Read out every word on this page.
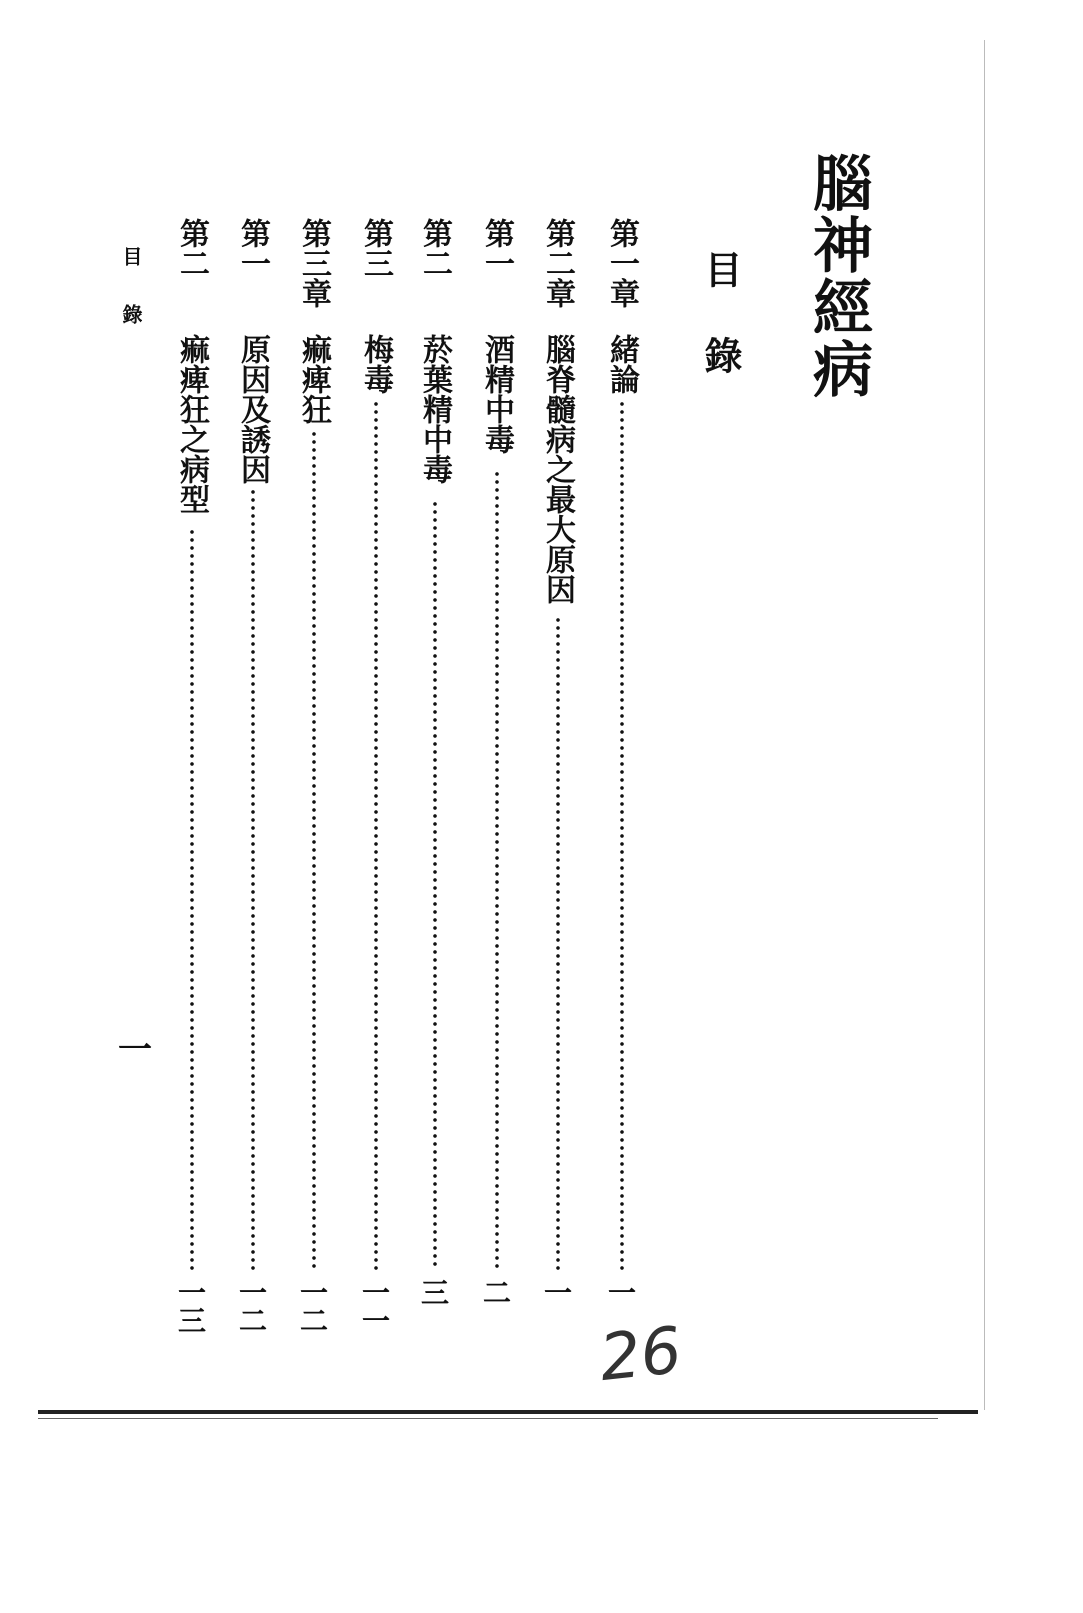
腦神經病
目錄
第一章
緒論
一
第二章
腦脊髓病之最大原因
一
第一
酒精中毒
二
第二
菸葉精中毒
三
第三
梅毒
一一
第三章
痲痺狂
一二
第一
原因及誘因
一二
第二
痲痺狂之病型
一三
目錄
一
26
